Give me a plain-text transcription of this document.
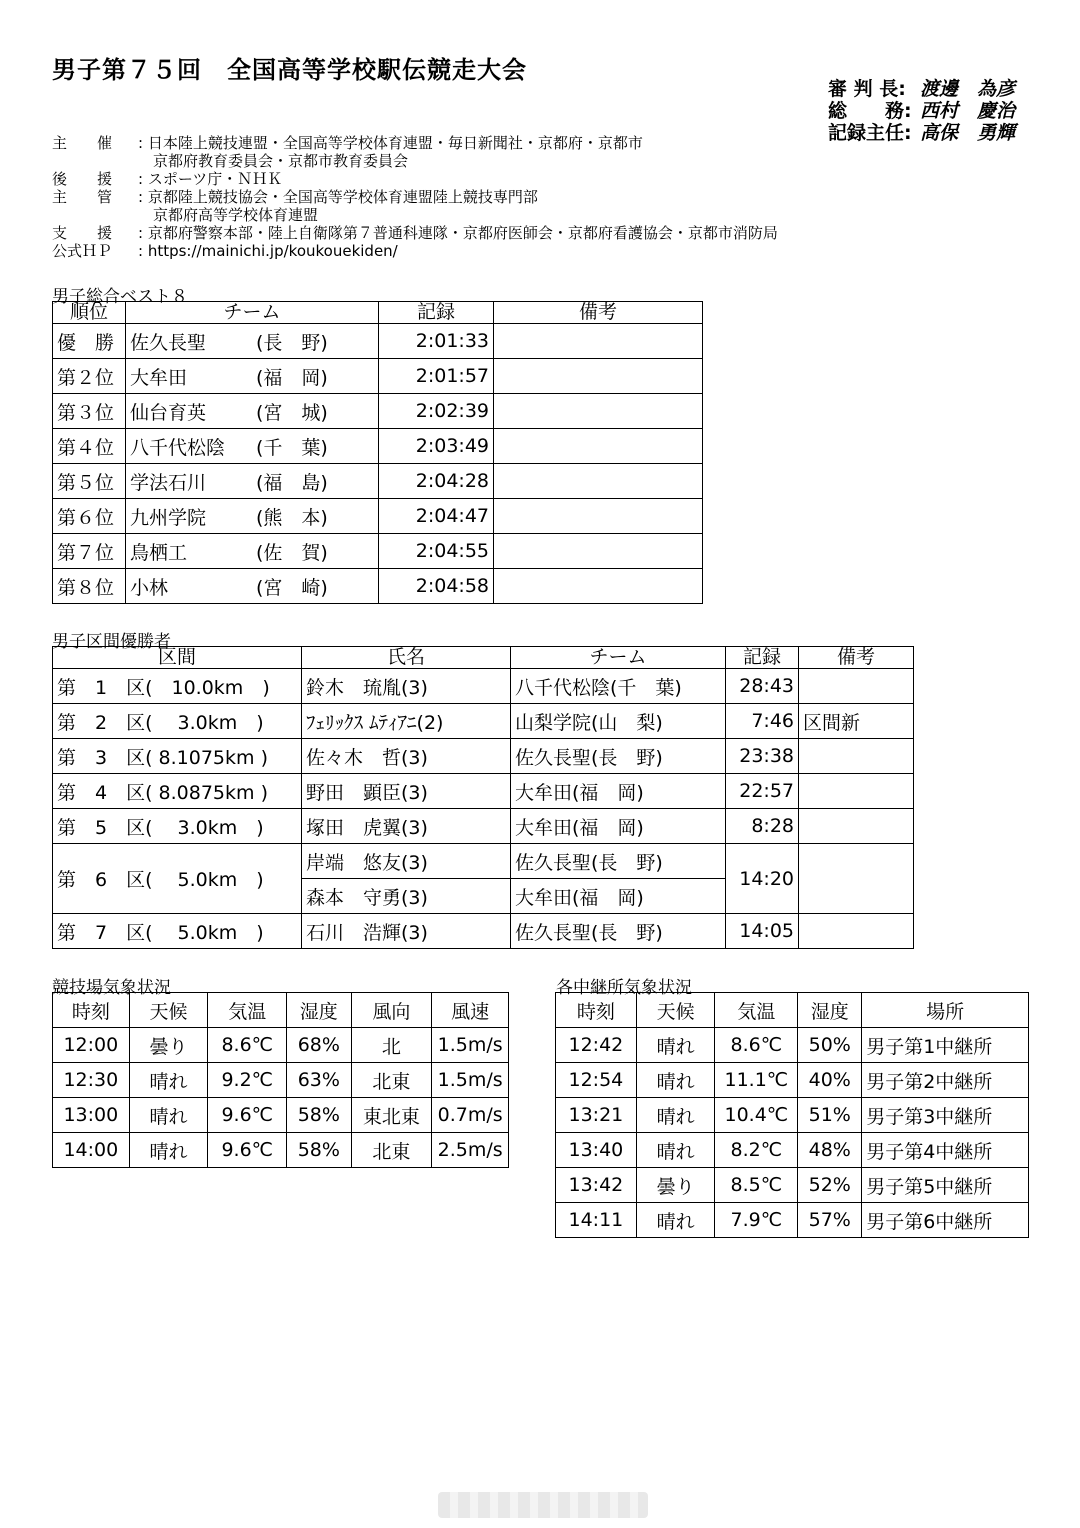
男子第７５回　全国高等学校駅伝競走大会
審 判 長: 渡邊　為彦
総　　務: 西村　慶治
記録主任: 高保　勇輝
主　　催	: 日本陸上競技連盟・全国高等学校体育連盟・毎日新聞社・京都府・京都市
　京都府教育委員会・京都市教育委員会
後　　援	: スポーツ庁・ＮＨＫ
主　　管	: 京都陸上競技協会・全国高等学校体育連盟陸上競技専門部
　京都府高等学校体育連盟
支　　援	: 京都府警察本部・陸上自衛隊第７普通科連隊・京都府医師会・京都府看護協会・京都市消防局
公式ＨＰ	: https://mainichi.jp/koukouekiden/
男子総合ベスト８
順位	チーム	記録	備考
優　勝	佐久長聖 (長　野)	2:01:33	
第２位	大牟田 (福　岡)	2:01:57	
第３位	仙台育英 (宮　城)	2:02:39	
第４位	八千代松陰 (千　葉)	2:03:49	
第５位	学法石川 (福　島)	2:04:28	
第６位	九州学院 (熊　本)	2:04:47	
第７位	鳥栖工 (佐　賀)	2:04:55	
第８位	小林 (宮　崎)	2:04:58	
男子区間優勝者
区間	氏名	チーム	記録	備考
第　1　区(　10.0km　)	鈴木　琉胤(3)	八千代松陰(千　葉)	28:43	
第　2　区(　 3.0km　)	ﾌｪﾘｯｸｽ ﾑﾃｨｱﾆ(2)	山梨学院(山　梨)	7:46	区間新
第　3　区( 8.1075km )	佐々木　哲(3)	佐久長聖(長　野)	23:38	
第　4　区( 8.0875km )	野田　顕臣(3)	大牟田(福　岡)	22:57	
第　5　区(　 3.0km　)	塚田　虎翼(3)	大牟田(福　岡)	8:28	
第　6　区(　 5.0km　)	岸端　悠友(3)	佐久長聖(長　野)	14:20	
	森本　守勇(3)	大牟田(福　岡)		
第　7　区(　 5.0km　)	石川　浩輝(3)	佐久長聖(長　野)	14:05	
競技場気象状況
時刻	天候	気温	湿度	風向	風速
12:00	曇り	8.6℃	68%	北	1.5m/s
12:30	晴れ	9.2℃	63%	北東	1.5m/s
13:00	晴れ	9.6℃	58%	東北東	0.7m/s
14:00	晴れ	9.6℃	58%	北東	2.5m/s
各中継所気象状況
時刻	天候	気温	湿度	場所
12:42	晴れ	8.6℃	50%	男子第1中継所
12:54	晴れ	11.1℃	40%	男子第2中継所
13:21	晴れ	10.4℃	51%	男子第3中継所
13:40	晴れ	8.2℃	48%	男子第4中継所
13:42	曇り	8.5℃	52%	男子第5中継所
14:11	晴れ	7.9℃	57%	男子第6中継所
